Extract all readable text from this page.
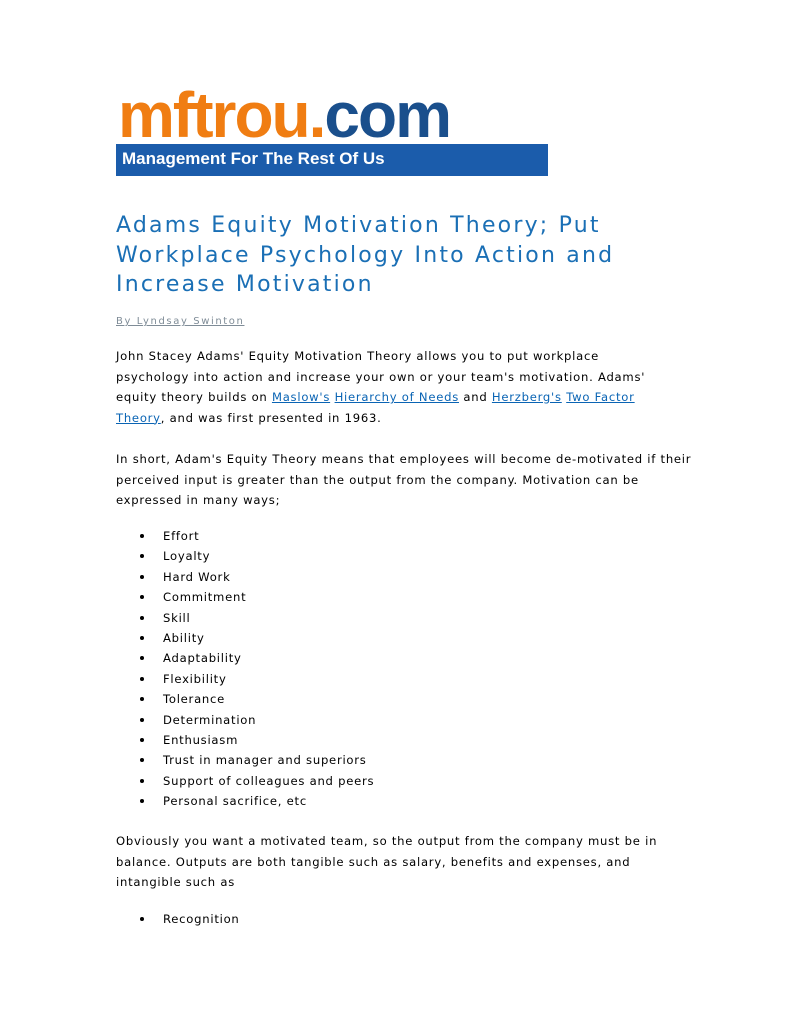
mftrou.com
Management For The Rest Of Us
Adams Equity Motivation Theory; Put Workplace Psychology Into Action and Increase Motivation
By Lyndsay Swinton

John Stacey Adams' Equity Motivation Theory allows you to put workplace psychology into action and increase your own or your team's motivation. Adams' equity theory builds on Maslow's Hierarchy of Needs and Herzberg's Two Factor Theory, and was first presented in 1963.

In short, Adam's Equity Theory means that employees will become de-motivated if their perceived input is greater than the output from the company. Motivation can be expressed in many ways;

Effort
Loyalty
Hard Work
Commitment
Skill
Ability
Adaptability
Flexibility
Tolerance
Determination
Enthusiasm
Trust in manager and superiors
Support of colleagues and peers
Personal sacrifice, etc

Obviously you want a motivated team, so the output from the company must be in balance. Outputs are both tangible such as salary, benefits and expenses, and intangible such as

Recognition
